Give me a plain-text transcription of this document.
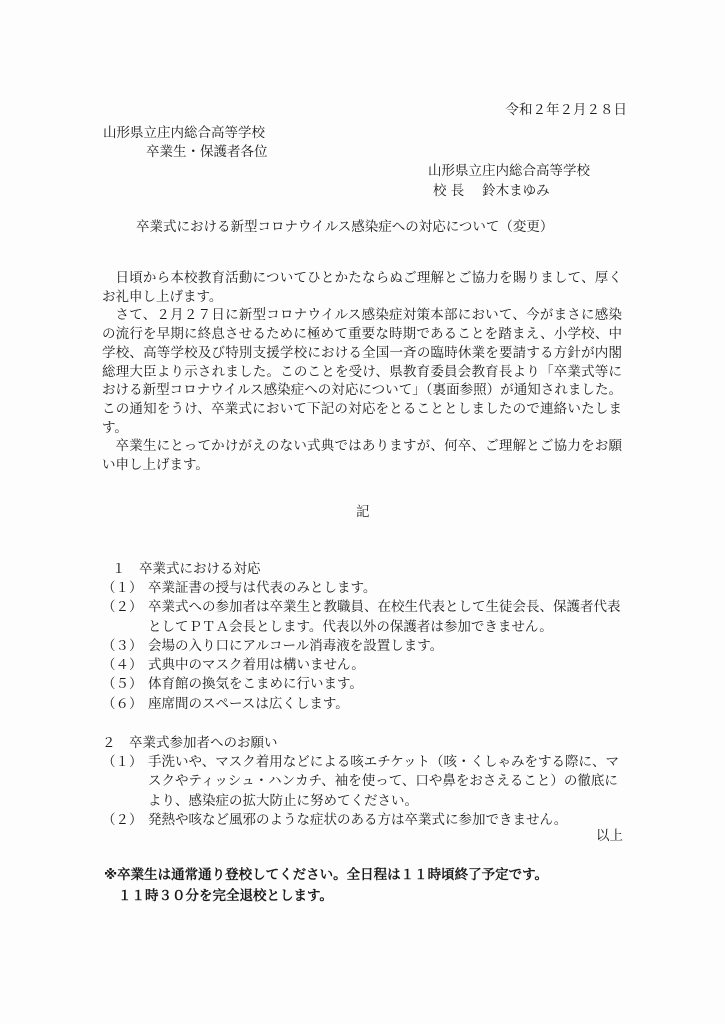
令和２年２月２８日
山形県立庄内総合高等学校
卒業生・保護者各位
山形県立庄内総合高等学校
校 長　 鈴木まゆみ
卒業式における新型コロナウイルス感染症への対応について（変更）

日頃から本校教育活動についてひとかたならぬご理解とご協力を賜りまして、厚くお礼申し上げます。

さて、２月２７日に新型コロナウイルス感染症対策本部において、今がまさに感染の流行を早期に終息させるために極めて重要な時期であることを踏まえ、小学校、中学校、高等学校及び特別支援学校における全国一斉の臨時休業を要請する方針が内閣総理大臣より示されました。このことを受け、県教育委員会教育長より「卒業式等における新型コロナウイルス感染症への対応について」（裏面参照）が通知されました。この通知をうけ、卒業式において下記の対応をとることとしましたので連絡いたします。

卒業生にとってかけがえのない式典ではありますが、何卒、ご理解とご協力をお願い申し上げます。

記
１　卒業式における対応
（１） 卒業証書の授与は代表のみとします。
（２） 卒業式への参加者は卒業生と教職員、在校生代表として生徒会長、保護者代表としてＰＴＡ会長とします。代表以外の保護者は参加できません。
（３） 会場の入り口にアルコール消毒液を設置します。
（４） 式典中のマスク着用は構いません。
（５） 体育館の換気をこまめに行います。
（６） 座席間のスペースは広くします。
２　卒業式参加者へのお願い
（１） 手洗いや、マスク着用などによる咳エチケット（咳・くしゃみをする際に、マスクやティッシュ・ハンカチ、袖を使って、口や鼻をおさえること）の徹底により、感染症の拡大防止に努めてください。
（２） 発熱や咳など風邪のような症状のある方は卒業式に参加できません。
以上
※卒業生は通常通り登校してください。全日程は１１時頃終了予定です。
１１時３０分を完全退校とします。
